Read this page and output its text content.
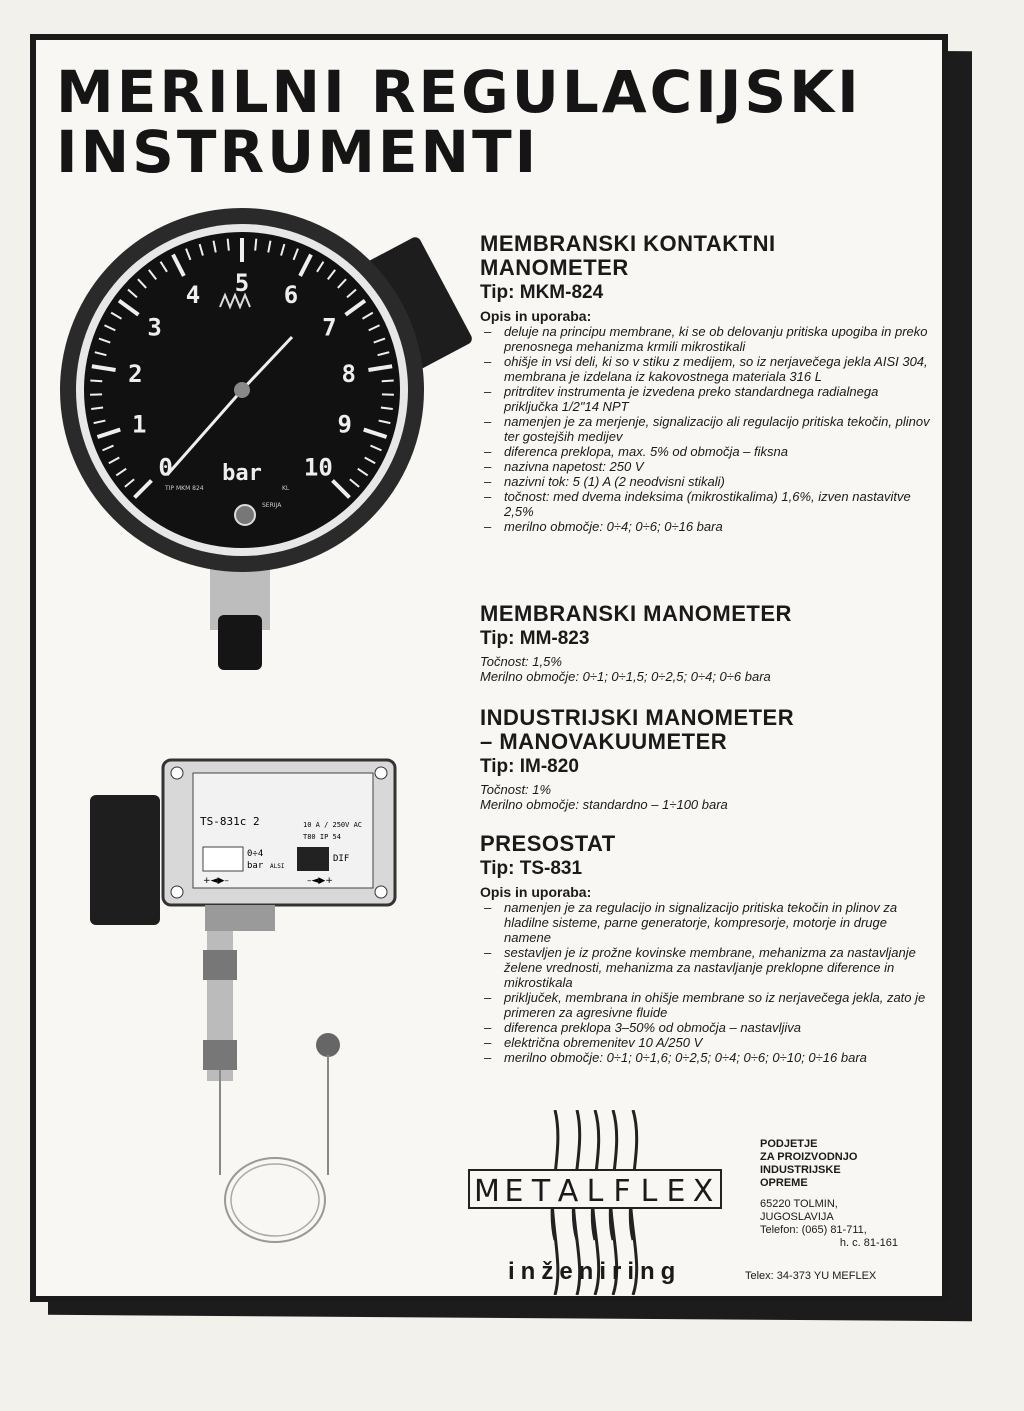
MERILNI REGULACIJSKI
INSTRUMENTI
0
1
2
3
4 5 6
7
8
9
10
bar
TIP MKM 824	KL
SERIJA
TS-831c 2	10 A / 250V AC
T80 IP 54
0÷4
bar ALSI
DIF
+◄▶–	–◄▶+
MEMBRANSKI KONTAKTNI
MANOMETER
Tip: MKM-824
Opis in uporaba:
– deluje na principu membrane, ki se ob delovanju pritiska upogiba in preko prenosnega mehanizma krmili mikrostikali
– ohišje in vsi deli, ki so v stiku z medijem, so iz nerjavečega jekla AISI 304, membrana je izdelana iz kakovostnega materiala 316 L
– pritrditev instrumenta je izvedena preko standardnega radialnega priključka 1/2"14 NPT
– namenjen je za merjenje, signalizacijo ali regulacijo pritiska tekočin, plinov ter gostejših medijev
– diferenca preklopa, max. 5% od območja – fiksna
– nazivna napetost: 250 V
– nazivni tok: 5 (1) A (2 neodvisni stikali)
– točnost: med dvema indeksima (mikrostikalima) 1,6%, izven nastavitve 2,5%
– merilno območje: 0÷4; 0÷6; 0÷16 bara
MEMBRANSKI MANOMETER
Tip: MM-823

Točnost: 1,5%

Merilno območje: 0÷1; 0÷1,5; 0÷2,5; 0÷4; 0÷6 bara

INDUSTRIJSKI MANOMETER
– MANOVAKUUMETER
Tip: IM-820

Točnost: 1%

Merilno območje: standardno – 1÷100 bara

PRESOSTAT
Tip: TS-831
Opis in uporaba:
– namenjen je za regulacijo in signalizacijo pritiska tekočin in plinov za hladilne sisteme, parne generatorje, kompresorje, motorje in druge namene
– sestavljen je iz prožne kovinske membrane, mehanizma za nastavljanje želene vrednosti, mehanizma za nastavljanje preklopne diference in mikrostikala
– priključek, membrana in ohišje membrane so iz nerjavečega jekla, zato je primeren za agresivne fluide
– diferenca preklopa 3–50% od območja – nastavljiva
– električna obremenitev 10 A/250 V
– merilno območje: 0÷1; 0÷1,6; 0÷2,5; 0÷4; 0÷6; 0÷10; 0÷16 bara
M E T A L F L E X
inženiring
PODJETJE
ZA PROIZVODNJO
INDUSTRIJSKE
OPREME
65220 TOLMIN,
JUGOSLAVIJA
Telefon: (065) 81-711,
h. c. 81-161
Telex: 34-373 YU MEFLEX
